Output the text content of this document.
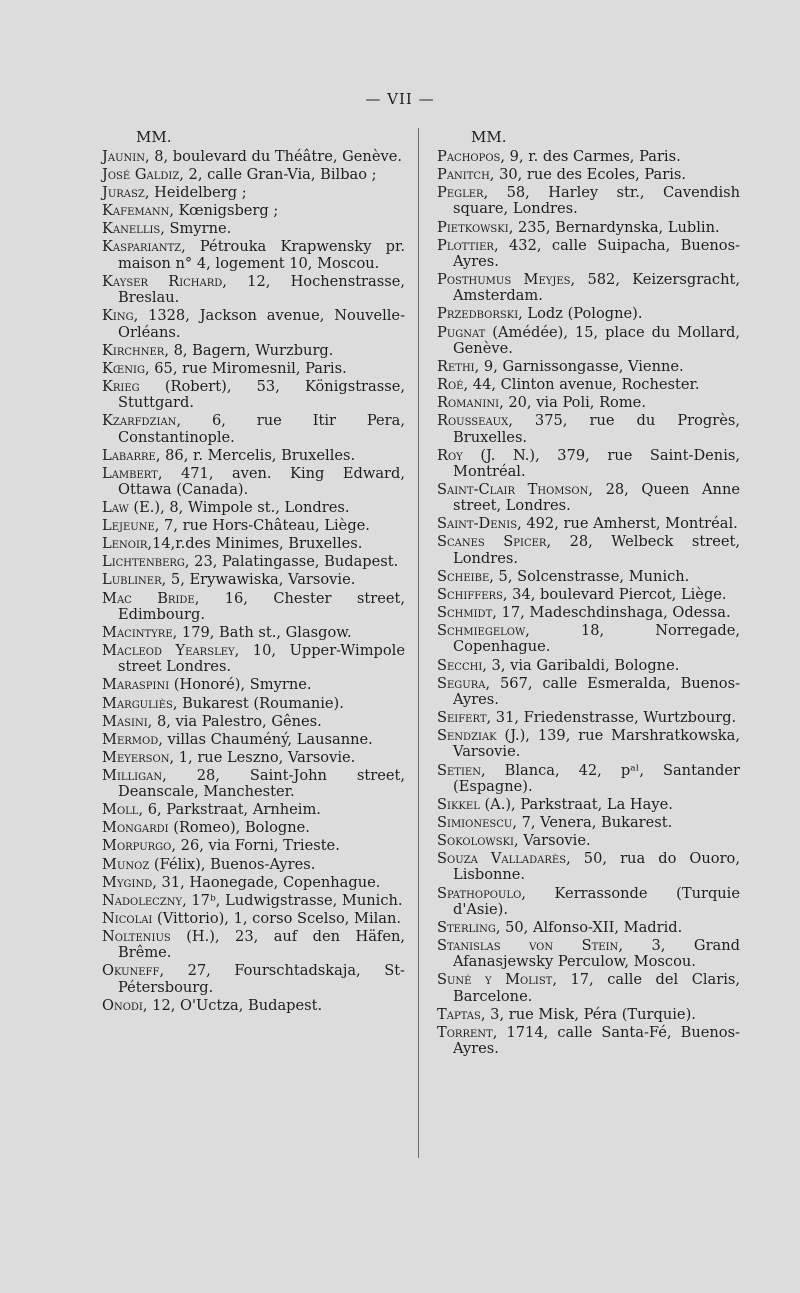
— VII —
MM.

Jaunin, 8, boulevard du Théâtre, Genève.

José Galdiz, 2, calle Gran-Via, Bilbao ;

Jurasz, Heidelberg ;

Kafemann, Kœnigsberg ;

Kanellis, Smyrne.

Kaspariantz, Pétrouka Krapwensky pr. maison n° 4, logement 10, Moscou.

Kayser Richard, 12, Hochenstrasse, Breslau.

King, 1328, Jackson avenue, Nouvelle-Orléans.

Kirchner, 8, Bagern, Wurzburg.

Kœnig, 65, rue Miromesnil, Paris.

Krieg (Robert), 53, Königstrasse, Stuttgard.

Kzarfdzian, 6, rue Itir Pera, Constantinople.

Labarre, 86, r. Mercelis, Bruxelles.

Lambert, 471, aven. King Edward, Ottawa (Canada).

Law (E.), 8, Wimpole st., Londres.

Lejeune, 7, rue Hors-Château, Liège.

Lenoir,14,r.des Minimes, Bruxelles.

Lichtenberg, 23, Palatingasse, Budapest.

Lubliner, 5, Erywawiska, Varsovie.

Mac Bride, 16, Chester street, Edimbourg.

Macintyre, 179, Bath st., Glasgow.

Macleod Yearsley, 10, Upper-Wimpole street Londres.

Maraspini (Honoré), Smyrne.

Marguliès, Bukarest (Roumanie).

Masini, 8, via Palestro, Gênes.

Mermod, villas Chauméný, Lausanne.

Meyerson, 1, rue Leszno, Varsovie.

Milligan, 28, Saint-John street, Deanscale, Manchester.

Moll, 6, Parkstraat, Arnheim.

Mongardi (Romeo), Bologne.

Morpurgo, 26, via Forni, Trieste.

Munoz (Félix), Buenos-Ayres.

Mygind, 31, Haonegade, Copenhague.

Nadoleczny, 17ᵇ, Ludwigstrasse, Munich.

Nicolai (Vittorio), 1, corso Scelso, Milan.

Noltenius (H.), 23, auf den Häfen, Brême.

Okuneff, 27, Fourschtadskaja, St-Pétersbourg.

Onodi, 12, O'Uctza, Budapest.

MM.

Pachopos, 9, r. des Carmes, Paris.

Panitch, 30, rue des Ecoles, Paris.

Pegler, 58, Harley str., Cavendish square, Londres.

Pietkowski, 235, Bernardynska, Lublin.

Plottier, 432, calle Suipacha, Buenos-Ayres.

Posthumus Meyjes, 582, Keizersgracht, Amsterdam.

Przedborski, Lodz (Pologne).

Pugnat (Amédée), 15, place du Mollard, Genève.

Rethi, 9, Garnissongasse, Vienne.

Roé, 44, Clinton avenue, Rochester.

Romanini, 20, via Poli, Rome.

Rousseaux, 375, rue du Progrès, Bruxelles.

Roy (J. N.), 379, rue Saint-Denis, Montréal.

Saint-Clair Thomson, 28, Queen Anne street, Londres.

Saint-Denis, 492, rue Amherst, Montréal.

Scanes Spicer, 28, Welbeck street, Londres.

Scheibe, 5, Solcenstrasse, Munich.

Schiffers, 34, boulevard Piercot, Liège.

Schmidt, 17, Madeschdinshaga, Odessa.

Schmiegelow, 18, Norregade, Copenhague.

Secchi, 3, via Garibaldi, Bologne.

Segura, 567, calle Esmeralda, Buenos-Ayres.

Seifert, 31, Friedenstrasse, Wurtzbourg.

Sendziak (J.), 139, rue Marshratkowska, Varsovie.

Setien, Blanca, 42, pᵃˡ, Santander (Espagne).

Sikkel (A.), Parkstraat, La Haye.

Simionescu, 7, Venera, Bukarest.

Sokolowski, Varsovie.

Souza Valladarès, 50, rua do Ouoro, Lisbonne.

Spathopoulo, Kerrassonde (Turquie d'Asie).

Sterling, 50, Alfonso-XII, Madrid.

Stanislas von Stein, 3, Grand Afanasjewsky Perculow, Moscou.

Suné y Molist, 17, calle del Claris, Barcelone.

Taptas, 3, rue Misk, Péra (Turquie).

Torrent, 1714, calle Santa-Fé, Buenos-Ayres.
